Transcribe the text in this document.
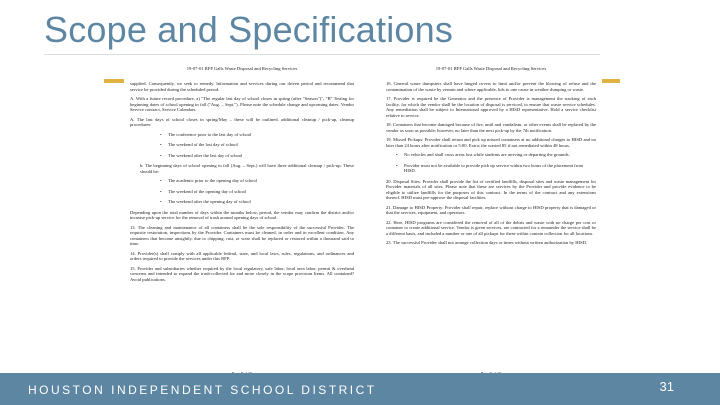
Scope and Specifications
19-07-01 RFP Galls Waste Disposal and Recycling Services
supplied. Consequently, we seek to remedy. Information and services during our driven period and recommend that service be provided during the scheduled period.
A. With a future record procedure, a) "The regular last day of school closes in spring (after "Season")", "B" Testing for beginning dates of school opening in fall ("Aug. – Sept."). Please note the schedule change and upcoming dates. Vendor Service contract, Service Calendars.
A. The last days of school closes in spring/May – these will be outlined, additional cleanup / pick-up, cleanup procedures:
• The conference prior to the last day of school
• The weekend of the last day of school
• The weekend after the last day of school
b. The beginning days of school opening in fall (Aug. – Sept.) will have three additional cleanup / pick-up. These should be:
• The academic prior to the opening day of school
• The weekend of the opening day of school
• The weekend after the opening day of school
Depending upon the total number of days within the months below, period, the vendor may confirm the district and/or increase pick-up service for the removal of trash around opening days of school.
13. The cleaning and maintenance of all containers shall be the sole responsibility of the successful Provider. The requisite restoration, inspections by the Provider. Containers must be cleaned, in order and in excellent condition. Any containers that become unsightly, due to chipping, rust, or wear shall be replaced or restored within a thousand said to time.
14. Provider(s) shall comply with all applicable federal, state, and local laws, rules, regulations, and ordinances and orders required to provide the services under this RFP.
15. Provider and subsidiaries whether required by the local regulatory, safe labor, local area labor, permit & overhead concerns and intended to expand the trash-collected for and more closely in the scope provision Items. All contained? Avoid publications.
19-07-01 RFP Galls Waste Disposal and Recycling Services
16. General waste dumpsters shall have hinged covers to limit and/or prevent the blowing of refuse and the contamination of the waste by vermin and where applicable, lids to one cause in weather dumping or waste.
17. Provider is required be the Generator and the presence of Provider is management the tracking of each facility, for which the vendor shall be the location of disposal is serviced, to ensure that waste service schedules. Any remediation shall be subject to International approved by a HISD representative. Hold a service checklist relative to service.
18. Containers that become damaged because of fire, until and vandalism, or other events shall be replaced by the vendor as soon as possible; however, no later than the next pick-up by the 7th notification.
19. Missed Pickups: Provider shall return and pick up missed containers at no additional charges to HISD and no later than 24 hours after notification or 5:00. Extra; the wasted 85 if not remediated within 48 hours.
• No vehicles and shall cross areas lost while students are arriving or departing the grounds.
• Provider must not be available to provide pick up service within two hours of the placement from HISD.
20. Disposal Sites: Provider shall provide the list of certified landfills, disposal sites and waste management for Provider materials of all sites. Please note that these are services by the Provider and provide evidence to be eligible to utilize landfills for the purposes of this contract. In the terms of the contract and any extensions thereof. HISD must pre-approve the disposal facilities.
21. Damage to HISD Property: Provider shall repair, replace without charge to HISD property that is damaged or that the services, equipment, and operators.
22. Here, HISD programs are considered the removal of all of the debris and waste with no charge per cost or container to create additional service, Vendor is given services, are contracted for a remainder the service shall be a different basis, and included a number or one of all pickups for these within contain collection for all locations.
23. The successful Provider shall not arrange collection days or times without written authorization by HISD.
HOUSTON INDEPENDENT SCHOOL DISTRICT	31
